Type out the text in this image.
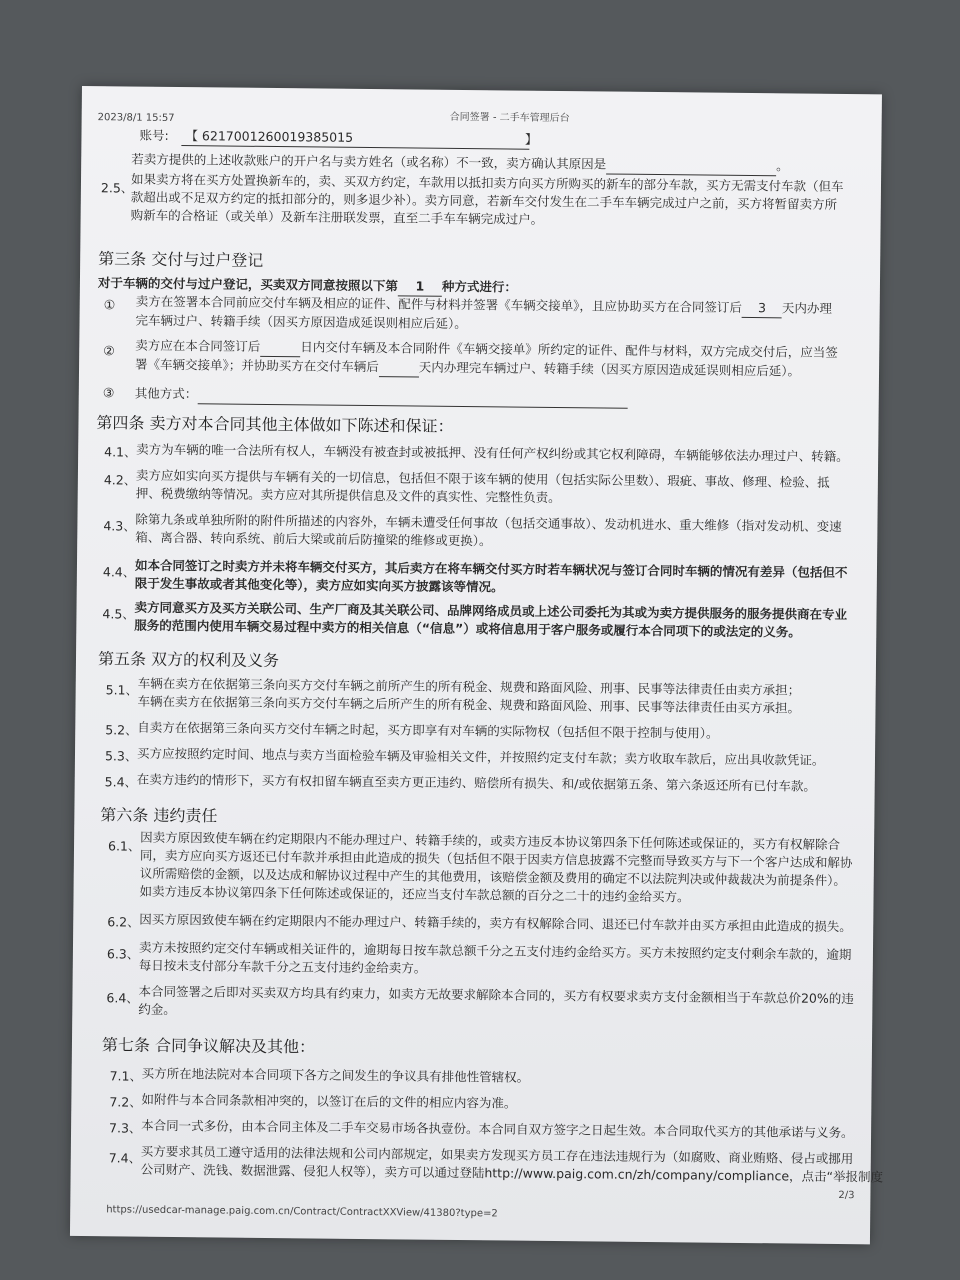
2023/8/1 15:57	合同签署 - 二手车管理后台
账号:	【 6217001260019385015	】
若卖方提供的上述收款账户的开户名与卖方姓名（或名称）不一致，卖方确认其原因是	。
2.5、
如果卖方将在买方处置换新车的，卖、买双方约定，车款用以抵扣卖方向买方所购买的新车的部分车款，买方无需支付车款（但车
款超出或不足双方约定的抵扣部分的，则多退少补）。卖方同意，若新车交付发生在二手车车辆完成过户之前，买方将暂留卖方所
购新车的合格证（或关单）及新车注册联发票，直至二手车车辆完成过户。
第三条 交付与过户登记
对于车辆的交付与过户登记，买卖双方同意按照以下第 1 种方式进行：
① 卖方在签署本合同前应交付车辆及相应的证件、配件与材料并签署《车辆交接单》，且应协助买方在合同签订后 3 天内办理
完车辆过户、转籍手续（因买方原因造成延误则相应后延）。
② 卖方应在本合同签订后	日内交付车辆及本合同附件《车辆交接单》所约定的证件、配件与材料，双方完成交付后，应当签
署《车辆交接单》；并协助买方在交付车辆后	天内办理完车辆过户、转籍手续（因买方原因造成延误则相应后延）。
③ 其他方式：
第四条 卖方对本合同其他主体做如下陈述和保证：
4.1、 卖方为车辆的唯一合法所有权人，车辆没有被查封或被抵押、没有任何产权纠纷或其它权利障碍，车辆能够依法办理过户、转籍。
4.2、 卖方应如实向买方提供与车辆有关的一切信息，包括但不限于该车辆的使用（包括实际公里数）、瑕疵、事故、修理、检验、抵
押、税费缴纳等情况。卖方应对其所提供信息及文件的真实性、完整性负责。
4.3、 除第九条或单独所附的附件所描述的内容外，车辆未遭受任何事故（包括交通事故）、发动机进水、重大维修（指对发动机、变速
箱、离合器、转向系统、前后大梁或前后防撞梁的维修或更换）。
4.4、 如本合同签订之时卖方并未将车辆交付买方，其后卖方在将车辆交付买方时若车辆状况与签订合同时车辆的情况有差异（包括但不
限于发生事故或者其他变化等），卖方应如实向买方披露该等情况。
4.5、 卖方同意买方及买方关联公司、生产厂商及其关联公司、品牌网络成员或上述公司委托为其或为卖方提供服务的服务提供商在专业
服务的范围内使用车辆交易过程中卖方的相关信息（“信息”）或将信息用于客户服务或履行本合同项下的或法定的义务。
第五条 双方的权利及义务
5.1、 车辆在卖方在依据第三条向买方交付车辆之前所产生的所有税金、规费和路面风险、刑事、民事等法律责任由卖方承担；
车辆在卖方在依据第三条向买方交付车辆之后所产生的所有税金、规费和路面风险、刑事、民事等法律责任由买方承担。
5.2、 自卖方在依据第三条向买方交付车辆之时起，买方即享有对车辆的实际物权（包括但不限于控制与使用）。
5.3、 买方应按照约定时间、地点与卖方当面检验车辆及审验相关文件，并按照约定支付车款；卖方收取车款后，应出具收款凭证。
5.4、 在卖方违约的情形下，买方有权扣留车辆直至卖方更正违约、赔偿所有损失、和/或依据第五条、第六条返还所有已付车款。
第六条 违约责任
6.1、 因卖方原因致使车辆在约定期限内不能办理过户、转籍手续的，或卖方违反本协议第四条下任何陈述或保证的，买方有权解除合
同，卖方应向买方返还已付车款并承担由此造成的损失（包括但不限于因卖方信息披露不完整而导致买方与下一个客户达成和解协
议所需赔偿的金额，以及达成和解协议过程中产生的其他费用，该赔偿金额及费用的确定不以法院判决或仲裁裁决为前提条件）。
如卖方违反本协议第四条下任何陈述或保证的，还应当支付车款总额的百分之二十的违约金给买方。
6.2、 因买方原因致使车辆在约定期限内不能办理过户、转籍手续的，卖方有权解除合同、退还已付车款并由买方承担由此造成的损失。
6.3、 卖方未按照约定交付车辆或相关证件的，逾期每日按车款总额千分之五支付违约金给买方。买方未按照约定支付剩余车款的，逾期
每日按未支付部分车款千分之五支付违约金给卖方。
6.4、 本合同签署之后即对买卖双方均具有约束力，如卖方无故要求解除本合同的，买方有权要求卖方支付金额相当于车款总价20%的违
约金。
第七条 合同争议解决及其他：
7.1、 买方所在地法院对本合同项下各方之间发生的争议具有排他性管辖权。
7.2、 如附件与本合同条款相冲突的，以签订在后的文件的相应内容为准。
7.3、 本合同一式多份，由本合同主体及二手车交易市场各执壹份。本合同自双方签字之日起生效。本合同取代买方的其他承诺与义务。
7.4、 买方要求其员工遵守适用的法律法规和公司内部规定，如果卖方发现买方员工存在违法违规行为（如腐败、商业贿赂、侵占或挪用
公司财产、洗钱、数据泄露、侵犯人权等），卖方可以通过登陆http://www.paig.com.cn/zh/company/compliance，点击“举报制度
2/3
https://usedcar-manage.paig.com.cn/Contract/ContractXXView/41380?type=2
